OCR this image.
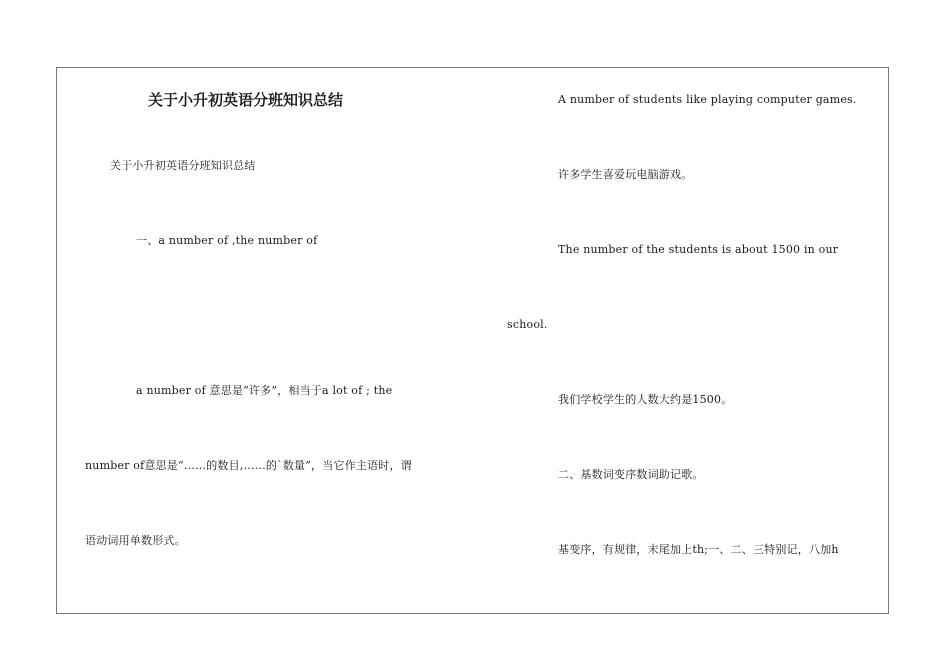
关于小升初英语分班知识总结
关于小升初英语分班知识总结
一、a number of ,the number of
a number of 意思是“许多”，相当于a lot of ; the
number of意思是“……的数目,……的`数量”，当它作主语时，谓
语动词用单数形式。
A number of students like playing computer games.
许多学生喜爱玩电脑游戏。
The number of the students is about 1500 in our
school.
我们学校学生的人数大约是1500。
二、基数词变序数词助记歌。
基变序，有规律，末尾加上th;一、二、三特别记，八加h
